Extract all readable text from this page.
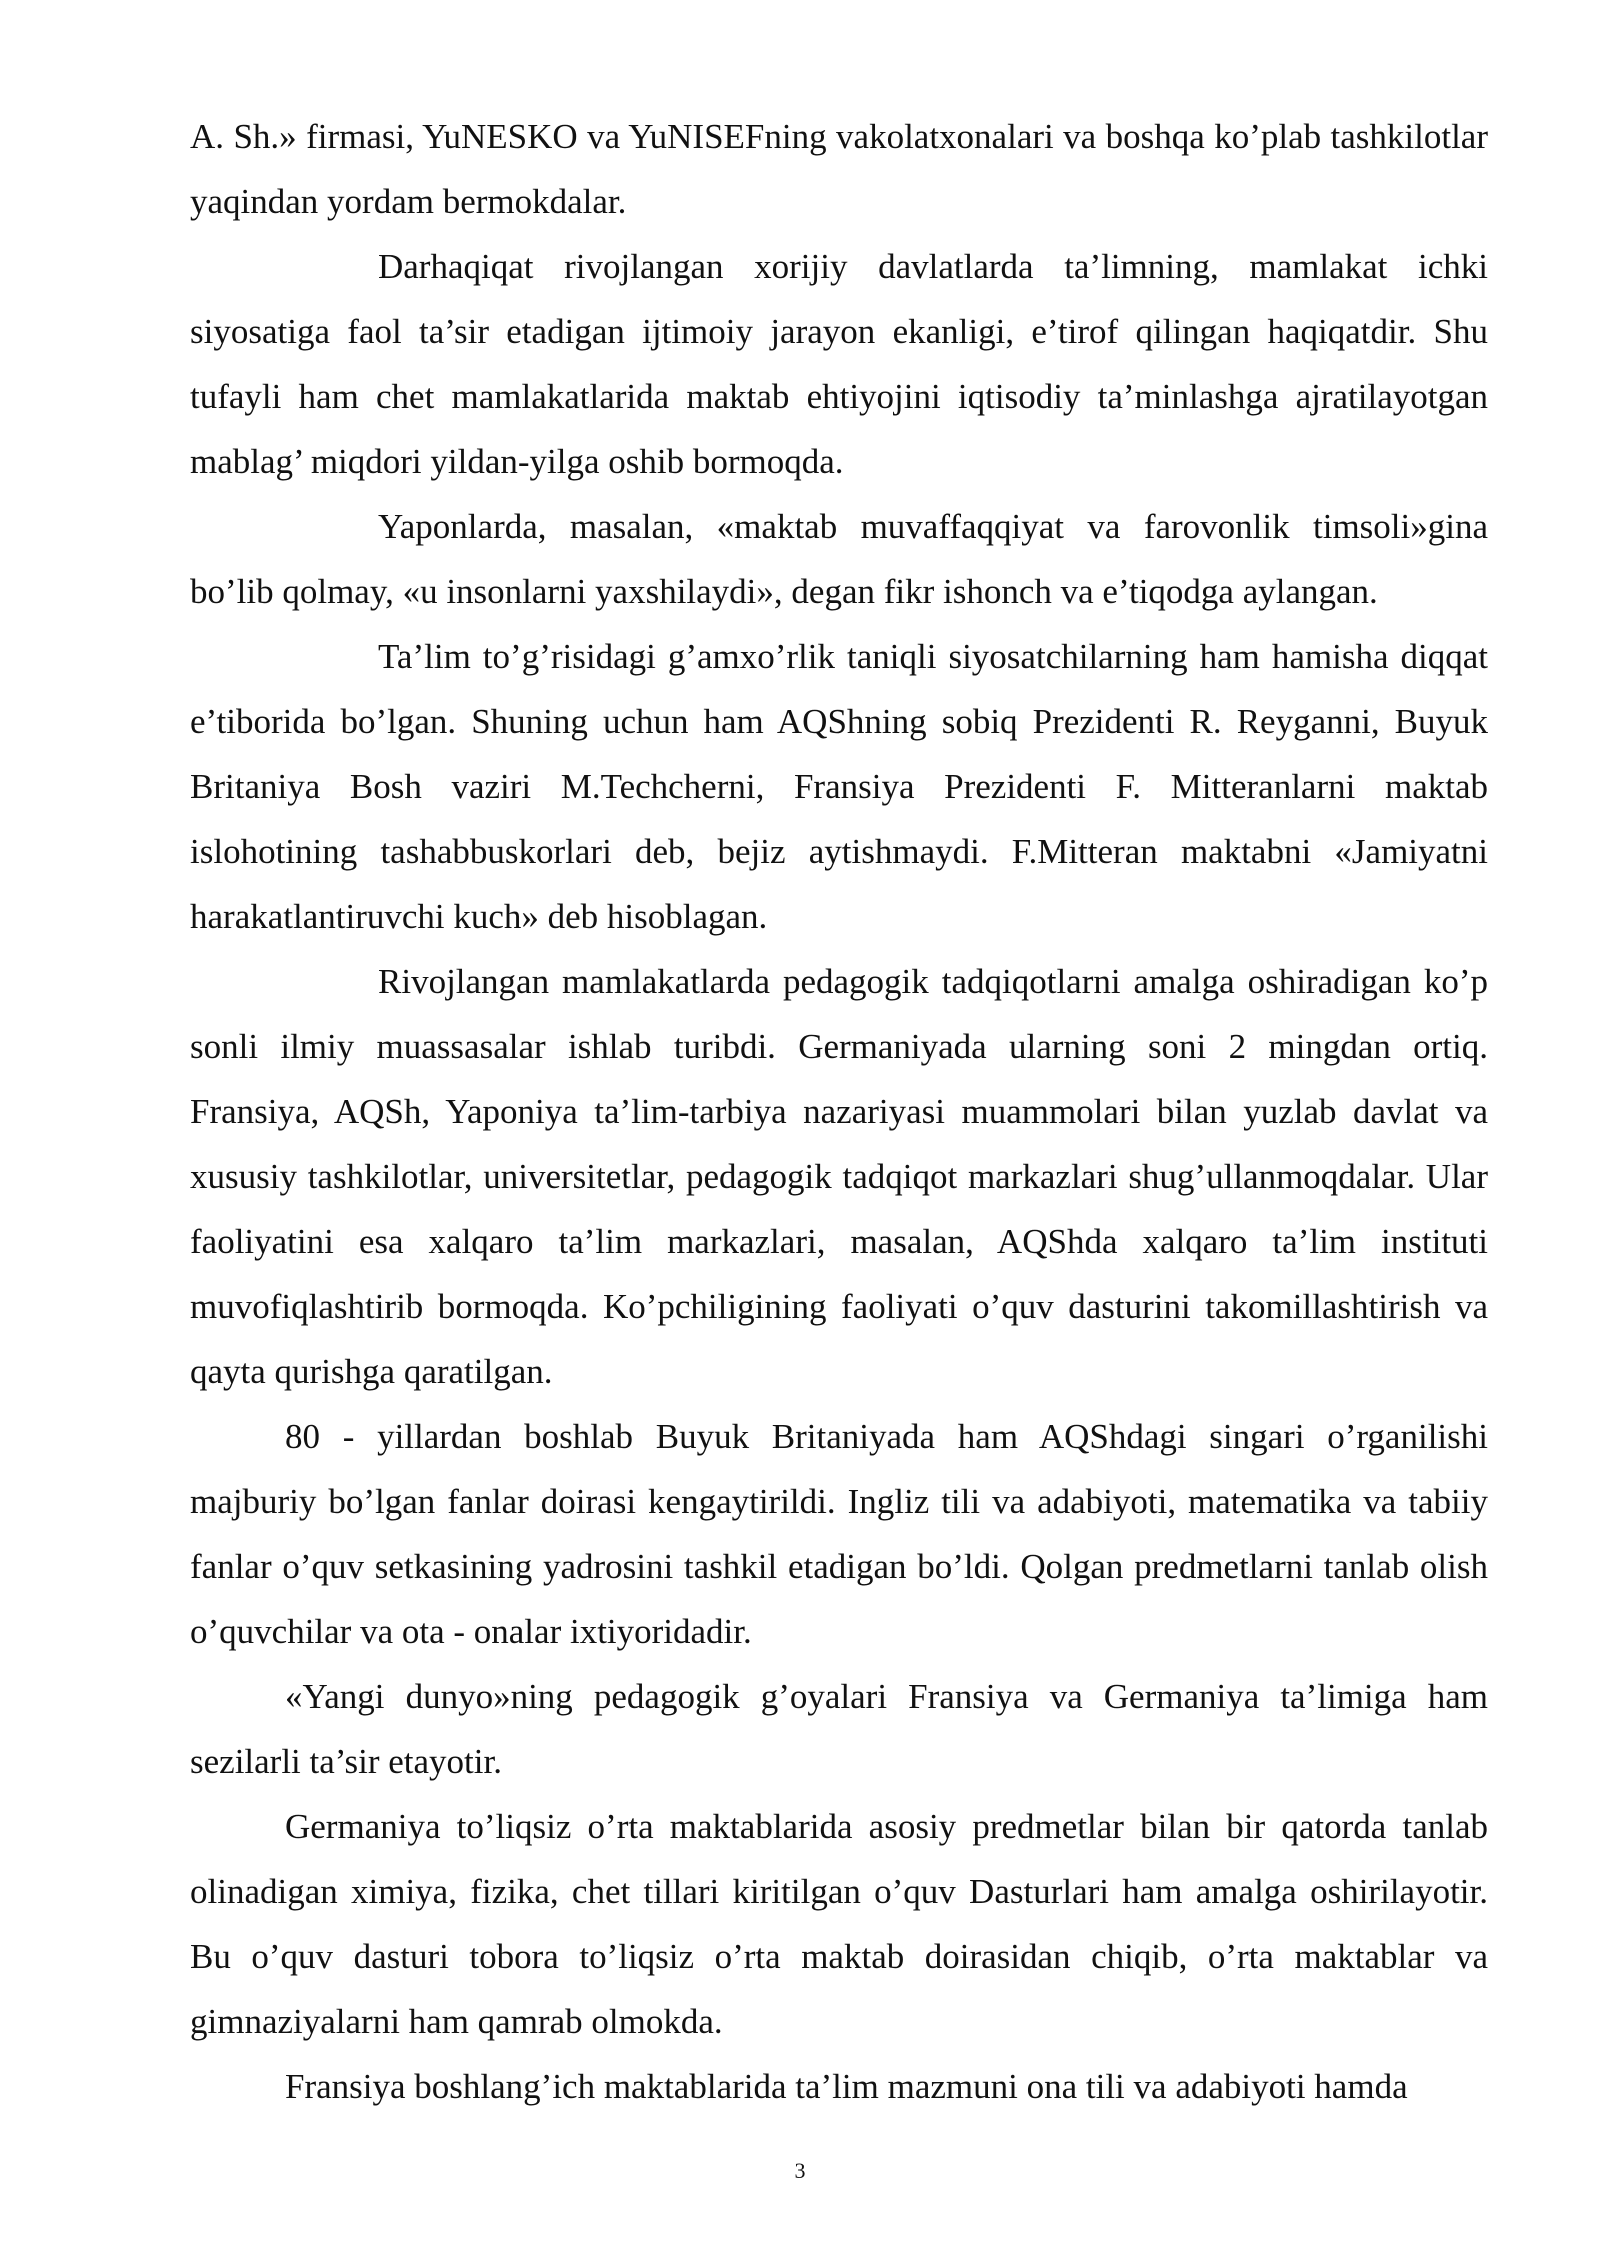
A. Sh.» firmasi, YuNESKO va YuNISEFning vakolatxonalari va boshqa ko’plab tashkilotlar yaqindan yordam bermokdalar.

Darhaqiqat rivojlangan xorijiy davlatlarda ta’limning, mamlakat ichki siyosatiga faol ta’sir etadigan ijtimoiy jarayon ekanligi, e’tirof qilingan haqiqatdir. Shu tufayli ham chet mamlakatlarida maktab ehtiyojini iqtisodiy ta’minlashga ajratilayotgan mablag’ miqdori yildan-yilga oshib bormoqda.

Yaponlarda, masalan, «maktab muvaffaqqiyat va farovonlik timsoli»gina bo’lib qolmay, «u insonlarni yaxshilaydi», degan fikr ishonch va e’tiqodga aylangan.

Ta’lim to’g’risidagi g’amxo’rlik taniqli siyosatchilarning ham hamisha diqqat e’tiborida bo’lgan. Shuning uchun ham AQShning sobiq Prezidenti R. Reyganni, Buyuk Britaniya Bosh vaziri M.Techcherni, Fransiya Prezidenti F. Mitteranlarni maktab islohotining tashabbuskorlari deb, bejiz aytishmaydi. F.Mitteran maktabni «Jamiyatni harakatlantiruvchi kuch» deb hisoblagan.

Rivojlangan mamlakatlarda pedagogik tadqiqotlarni amalga oshiradigan ko’p sonli ilmiy muassasalar ishlab turibdi. Germaniyada ularning soni 2 mingdan ortiq. Fransiya, AQSh, Yaponiya ta’lim-tarbiya nazariyasi muammolari bilan yuzlab davlat va xususiy tashkilotlar, universitetlar, pedagogik tadqiqot markazlari shug’ullanmoqdalar. Ular faoliyatini esa xalqaro ta’lim markazlari, masalan, AQShda xalqaro ta’lim instituti muvofiqlashtirib bormoqda. Ko’pchiligining faoliyati o’quv dasturini takomillashtirish va qayta qurishga qaratilgan.

80 - yillardan boshlab Buyuk Britaniyada ham AQShdagi singari o’rganilishi majburiy bo’lgan fanlar doirasi kengaytirildi. Ingliz tili va adabiyoti, matematika va tabiiy fanlar o’quv setkasining yadrosini tashkil etadigan bo’ldi. Qolgan predmetlarni tanlab olish o’quvchilar va ota - onalar ixtiyoridadir.

«Yangi dunyo»ning pedagogik g’oyalari Fransiya va Germaniya ta’limiga ham sezilarli ta’sir etayotir.

Germaniya to’liqsiz o’rta maktablarida asosiy predmetlar bilan bir qatorda tanlab olinadigan ximiya, fizika, chet tillari kiritilgan o’quv Dasturlari ham amalga oshirilayotir. Bu o’quv dasturi tobora to’liqsiz o’rta maktab doirasidan chiqib, o’rta maktablar va gimnaziyalarni ham qamrab olmokda.

Fransiya boshlang’ich maktablarida ta’lim mazmuni ona tili va adabiyoti hamda

3
